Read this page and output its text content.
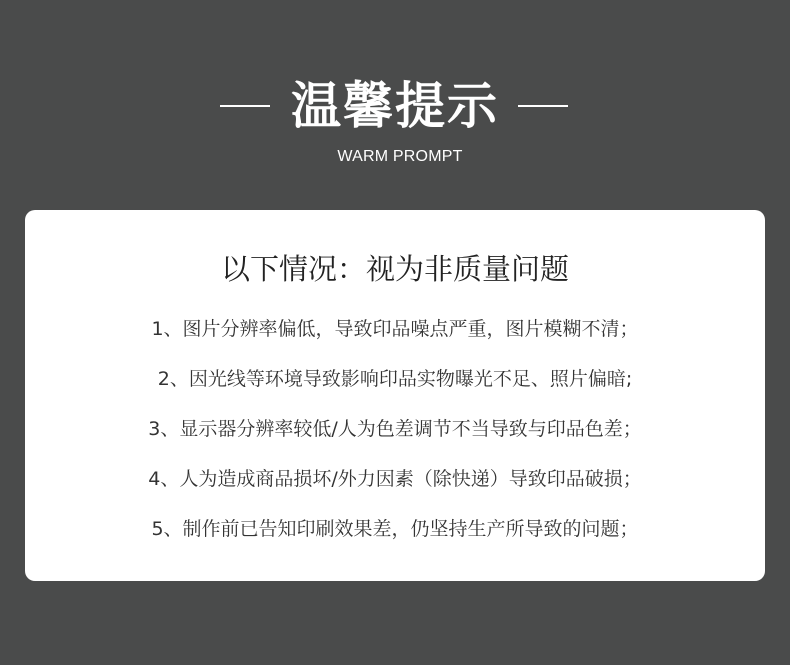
温馨提示
WARM PROMPT
以下情况：视为非质量问题
1、图片分辨率偏低，导致印品噪点严重，图片模糊不清；
2、因光线等环境导致影响印品实物曝光不足、照片偏暗;
3、显示器分辨率较低/人为色差调节不当导致与印品色差；
4、人为造成商品损坏/外力因素（除快递）导致印品破损；
5、制作前已告知印刷效果差，仍坚持生产所导致的问题；
